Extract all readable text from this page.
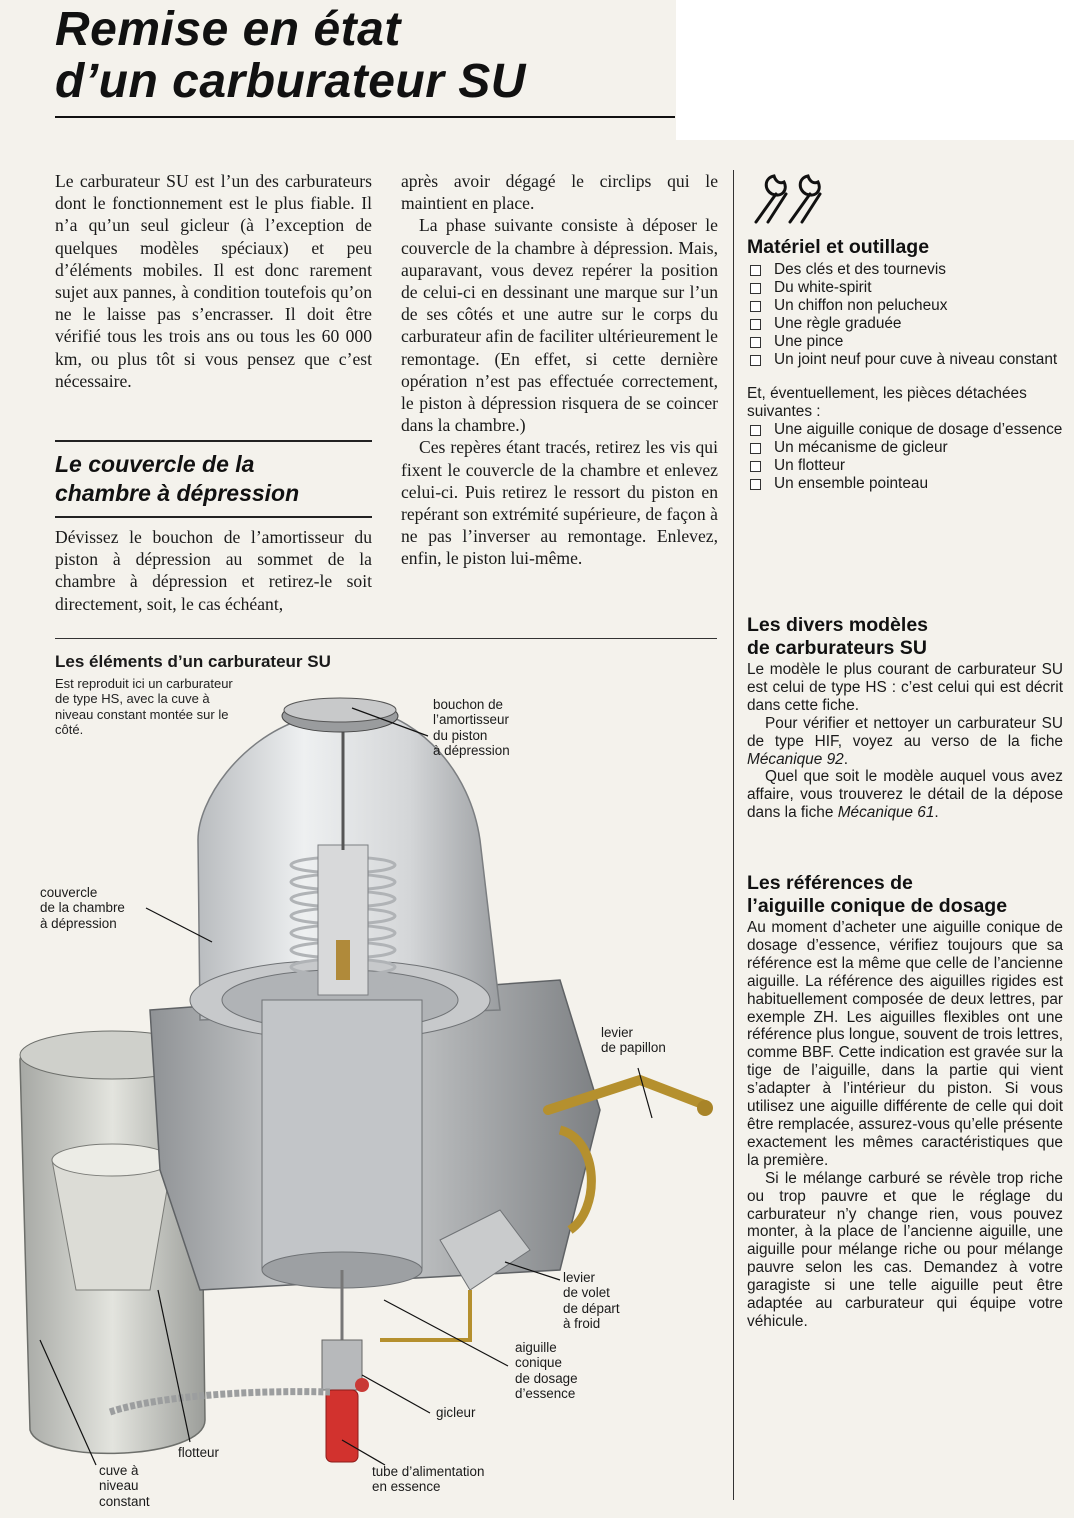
Remise en état
d’un carburateur SU

Le carburateur SU est l’un des carburateurs dont le fonctionnement est le plus fiable. Il n’a qu’un seul gicleur (à l’exception de quelques modèles spéciaux) et peu d’éléments mobiles. Il est donc rarement sujet aux pannes, à condition toutefois qu’on ne le laisse pas s’encrasser. Il doit être vérifié tous les trois ans ou tous les 60 000 km, ou plus tôt si vous pensez que c’est nécessaire.

Le couvercle de la
chambre à dépression

Dévissez le bouchon de l’amortisseur du piston à dépression au sommet de la chambre à dépression et retirez-le soit directement, soit, le cas échéant,

après avoir dégagé le circlips qui le maintient en place.

La phase suivante consiste à déposer le couvercle de la chambre à dépression. Mais, auparavant, vous devez repérer la position de celui-ci en dessinant une marque sur l’un de ses côtés et une autre sur le corps du carburateur afin de faciliter ultérieurement le remontage. (En effet, si cette dernière opération n’est pas effectuée correctement, le piston à dépression risquera de se coincer dans la chambre.)

Ces repères étant tracés, retirez les vis qui fixent le couvercle de la chambre et enlevez celui-ci. Puis retirez le ressort du piston en repérant son extrémité supérieure, de façon à ne pas l’inverser au remontage. Enlevez, enfin, le piston lui-même.

Matériel et outillage
Des clés et des tournevis
Du white-spirit
Un chiffon non pelucheux
Une règle graduée
Une pince
Un joint neuf pour cuve à niveau constant
Et, éventuellement, les pièces détachées suivantes :
Une aiguille conique de dosage d’essence
Un mécanisme de gicleur
Un flotteur
Un ensemble pointeau
Les divers modèles
de carburateurs SU

Le modèle le plus courant de carburateur SU est celui de type HS : c’est celui qui est décrit dans cette fiche.

Pour vérifier et nettoyer un carburateur SU de type HIF, voyez au verso de la fiche Mécanique 92.

Quel que soit le modèle auquel vous avez affaire, vous trouverez le détail de la dépose dans la fiche Mécanique 61.

Les références de
l’aiguille conique de dosage

Au moment d’acheter une aiguille conique de dosage d’essence, vérifiez toujours que sa référence est la même que celle de l’ancienne aiguille. La référence des aiguilles rigides est habituellement composée de deux lettres, par exemple ZH. Les aiguilles flexibles ont une référence plus longue, souvent de trois lettres, comme BBF. Cette indication est gravée sur la tige de l’aiguille, dans la partie qui vient s’adapter à l’intérieur du piston. Si vous utilisez une aiguille différente de celle qui doit être remplacée, assurez-vous qu’elle présente exactement les mêmes caractéristiques que la première.

Si le mélange carburé se révèle trop riche ou trop pauvre et que le réglage du carburateur n’y change rien, vous pouvez monter, à la place de l’ancienne aiguille, une aiguille pour mélange riche ou pour mélange pauvre selon les cas. Demandez à votre garagiste si une telle aiguille peut être adaptée au carburateur qui équipe votre véhicule.

Les éléments d’un carburateur SU
Est reproduit ici un carburateur de type HS, avec la cuve à niveau constant montée sur le côté.
bouchon de
l’amortisseur
du piston
à dépression
couvercle
de la chambre
à dépression
levier
de papillon
levier
de volet
de départ
à froid
aiguille
conique
de dosage
d’essence
gicleur
flotteur
cuve à
niveau
constant
tube d’alimentation
en essence
